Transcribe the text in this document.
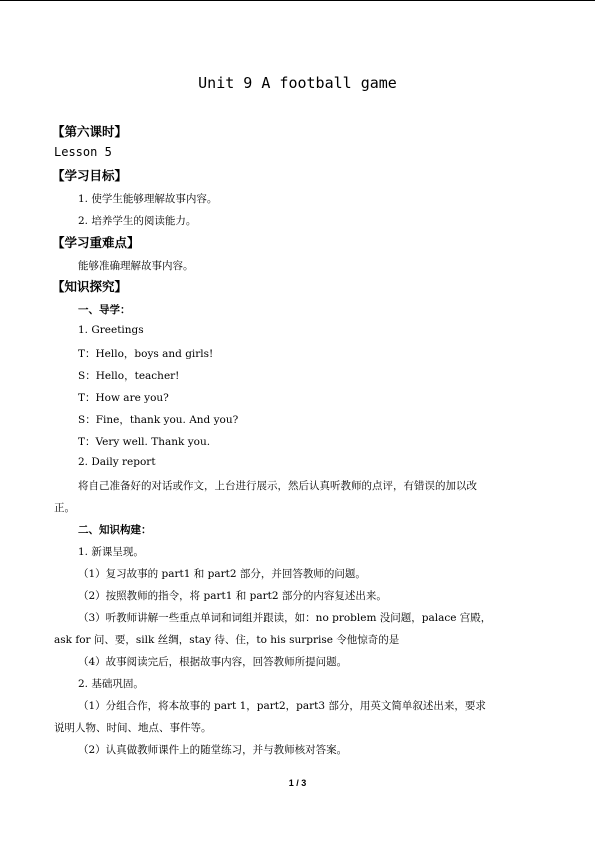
Unit 9 A football game
【第六课时】
Lesson 5
【学习目标】
1. 使学生能够理解故事内容。
2. 培养学生的阅读能力。
【学习重难点】
能够准确理解故事内容。
【知识探究】
一、导学：
1. Greetings
T：Hello，boys and girls!
S：Hello，teacher!
T：How are you?
S：Fine，thank you. And you?
T：Very well. Thank you.
2. Daily report
将自己准备好的对话或作文，上台进行展示，然后认真听教师的点评，有错误的加以改
正。
二、知识构建：
1. 新课呈现。
（1）复习故事的 part1 和 part2 部分，并回答教师的问题。
（2）按照教师的指令，将 part1 和 part2 部分的内容复述出来。
（3）听教师讲解一些重点单词和词组并跟读，如：no problem 没问题，palace 宫殿，
ask for 问、要，silk 丝绸，stay 待、住，to his surprise 令他惊奇的是
（4）故事阅读完后，根据故事内容，回答教师所提问题。
2. 基础巩固。
（1）分组合作，将本故事的 part 1，part2，part3 部分，用英文简单叙述出来，要求
说明人物、时间、地点、事件等。
（2）认真做教师课件上的随堂练习，并与教师核对答案。
1 / 3
